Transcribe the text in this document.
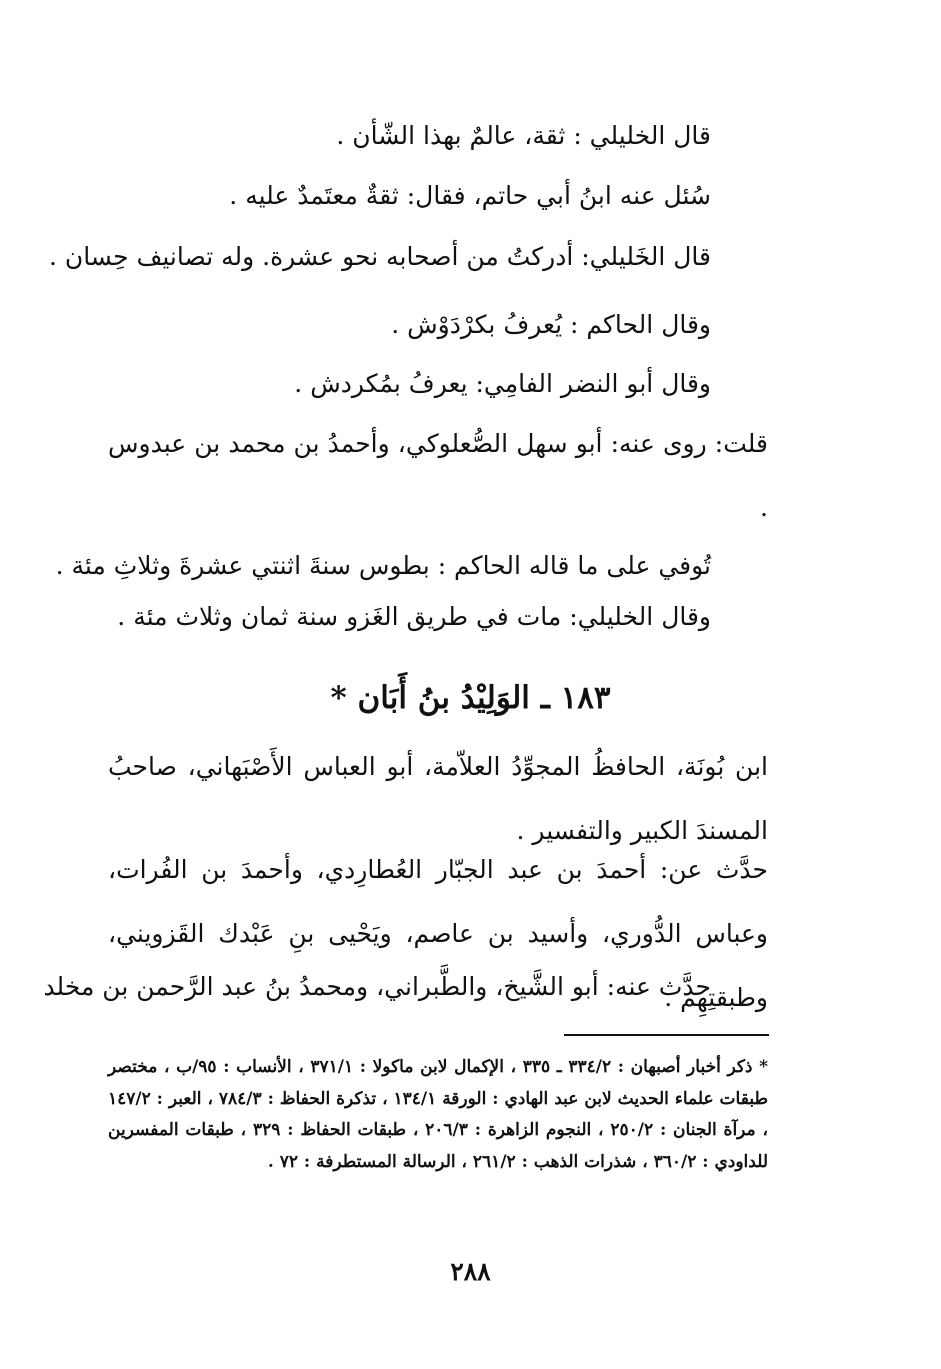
قال الخليلي : ثقة، عالمٌ بهذا الشّأن .

سُئل عنه ابنُ أبي حاتم، فقال: ثقةٌ معتَمدٌ عليه .

قال الخَليلي: أدركتُ من أصحابه نحو عشرة. وله تصانيف حِسان .

وقال الحاكم : يُعرفُ بكرْدَوْش .

وقال أبو النضر الفامِي: يعرفُ بمُكردش .

قلت: روى عنه: أبو سهل الصُّعلوكي، وأحمدُ بن محمد بن عبدوس .

تُوفي على ما قاله الحاكم : بطوس سنةَ اثنتي عشرةَ وثلاثِ مئة .

وقال الخليلي: مات في طريق الغَزو سنة ثمان وثلاث مئة .

١٨٣ ـ الوَلِيْدُ بنُ أَبَان *

ابن بُونَة، الحافظُ المجوِّدُ العلاّمة، أبو العباس الأَصْبَهاني، صاحبُ المسندَ الكبير والتفسير .

حدَّث عن: أحمدَ بن عبد الجبّار العُطارِدي، وأحمدَ بن الفُرات، وعباس الدُّوري، وأسيد بن عاصم، ويَحْيى بنِ عَبْدك القَزويني، وطبقتِهِم .

حدَّث عنه: أبو الشَّيخ، والطَّبراني، ومحمدُ بنُ عبد الرَّحمن بن مخلد

* ذكر أخبار أصبهان : ٣٣٤/٢ ـ ٣٣٥ ، الإكمال لابن ماكولا : ٣٧١/١ ، الأنساب : ٩٥/ب ، مختصر طبقات علماء الحديث لابن عبد الهادي : الورقة ١٣٤/١ ، تذكرة الحفاظ : ٧٨٤/٣ ، العبر : ١٤٧/٢ ، مرآة الجنان : ٢٥٠/٢ ، النجوم الزاهرة : ٢٠٦/٣ ، طبقات الحفاظ : ٣٢٩ ، طبقات المفسرين للداودي : ٣٦٠/٢ ، شذرات الذهب : ٢٦١/٢ ، الرسالة المستطرفة : ٧٢ .

٢٨٨
